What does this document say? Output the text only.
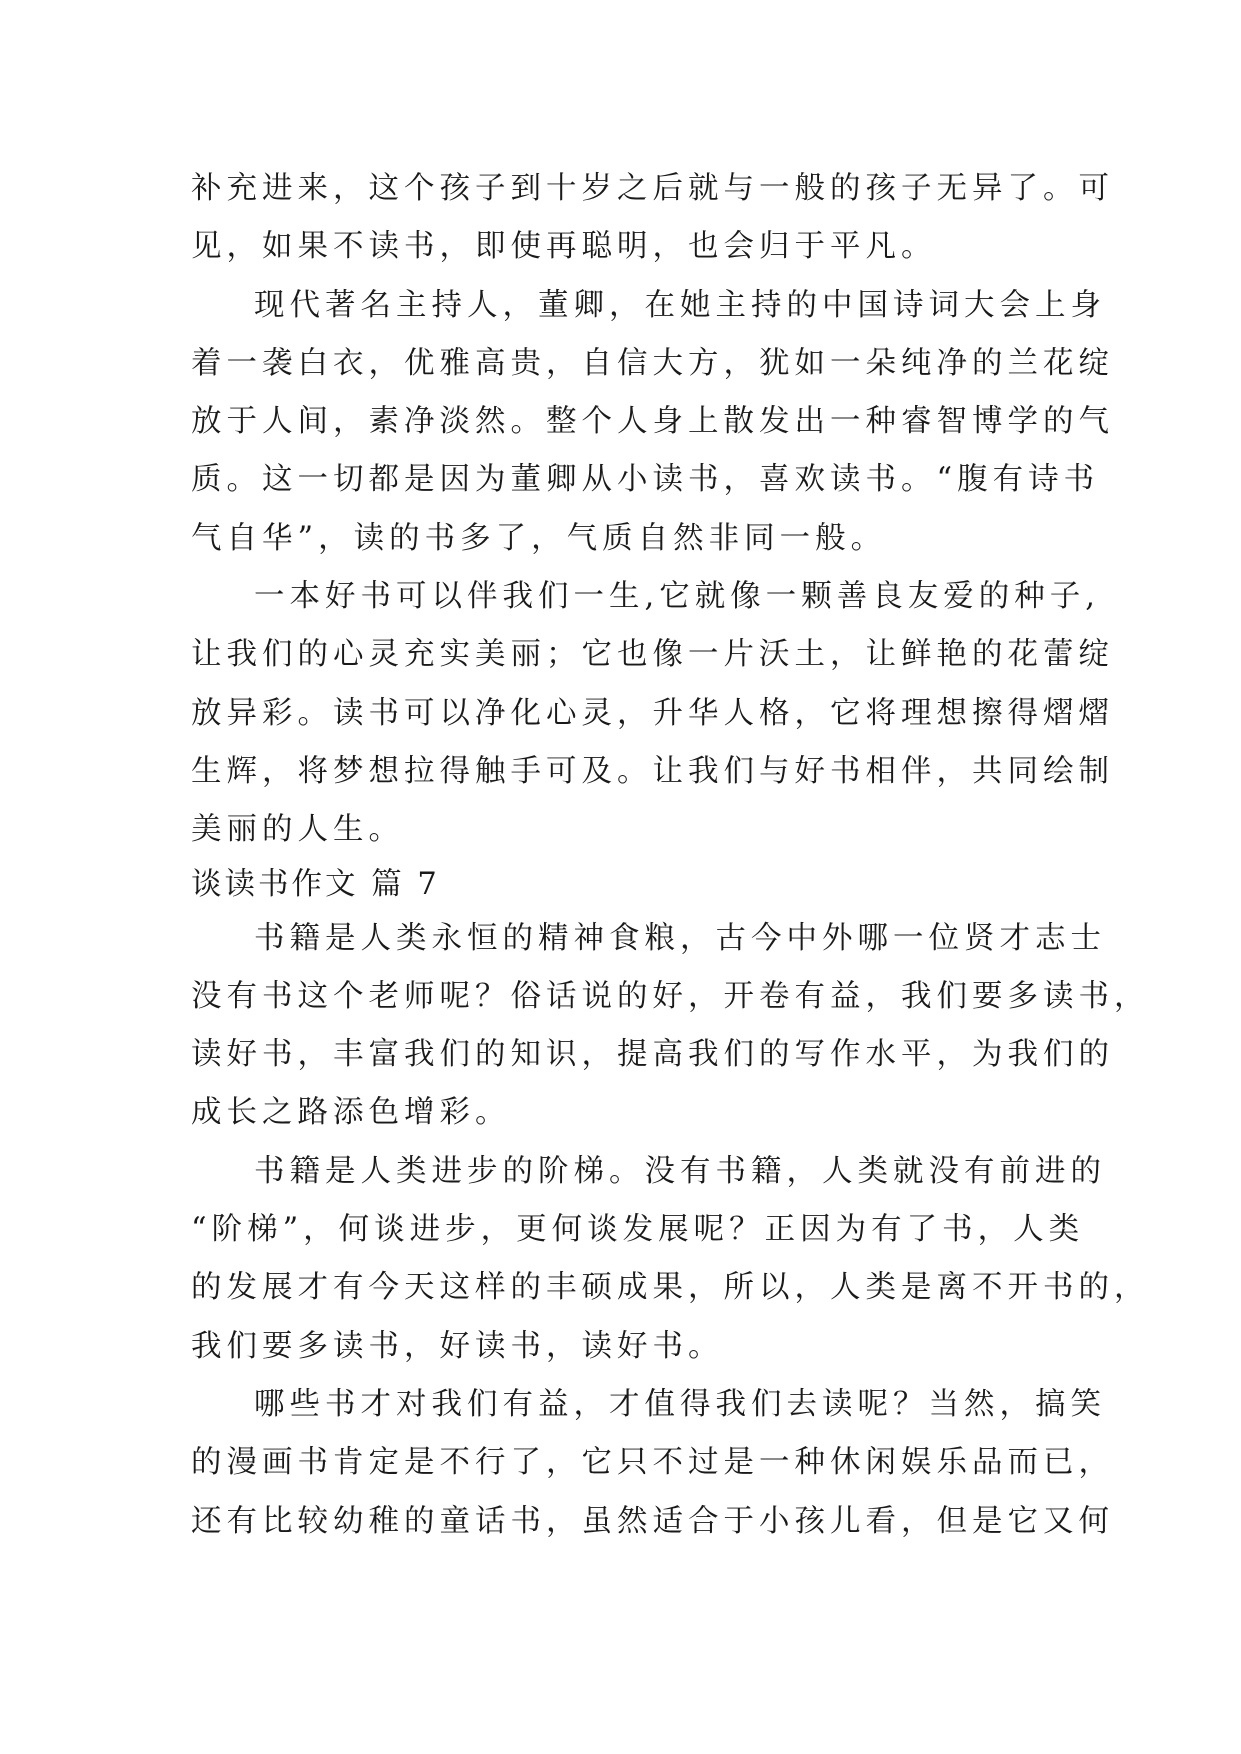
补充进来，这个孩子到十岁之后就与一般的孩子无异了。可
见，如果不读书，即使再聪明，也会归于平凡。
现代著名主持人，董卿，在她主持的中国诗词大会上身
着一袭白衣，优雅高贵，自信大方，犹如一朵纯净的兰花绽
放于人间，素净淡然。整个人身上散发出一种睿智博学的气
质。这一切都是因为董卿从小读书，喜欢读书。“腹有诗书
气自华”，读的书多了，气质自然非同一般。
一本好书可以伴我们一生,它就像一颗善良友爱的种子,
让我们的心灵充实美丽；它也像一片沃土，让鲜艳的花蕾绽
放异彩。读书可以净化心灵，升华人格，它将理想擦得熠熠
生辉，将梦想拉得触手可及。让我们与好书相伴，共同绘制
美丽的人生。
谈读书作文 篇 7
书籍是人类永恒的精神食粮，古今中外哪一位贤才志士
没有书这个老师呢？俗话说的好，开卷有益，我们要多读书，
读好书，丰富我们的知识，提高我们的写作水平，为我们的
成长之路添色增彩。
书籍是人类进步的阶梯。没有书籍，人类就没有前进的
“阶梯”，何谈进步，更何谈发展呢？正因为有了书，人类
的发展才有今天这样的丰硕成果，所以，人类是离不开书的，
我们要多读书，好读书，读好书。
哪些书才对我们有益，才值得我们去读呢？当然，搞笑
的漫画书肯定是不行了，它只不过是一种休闲娱乐品而已，
还有比较幼稚的童话书，虽然适合于小孩儿看，但是它又何
